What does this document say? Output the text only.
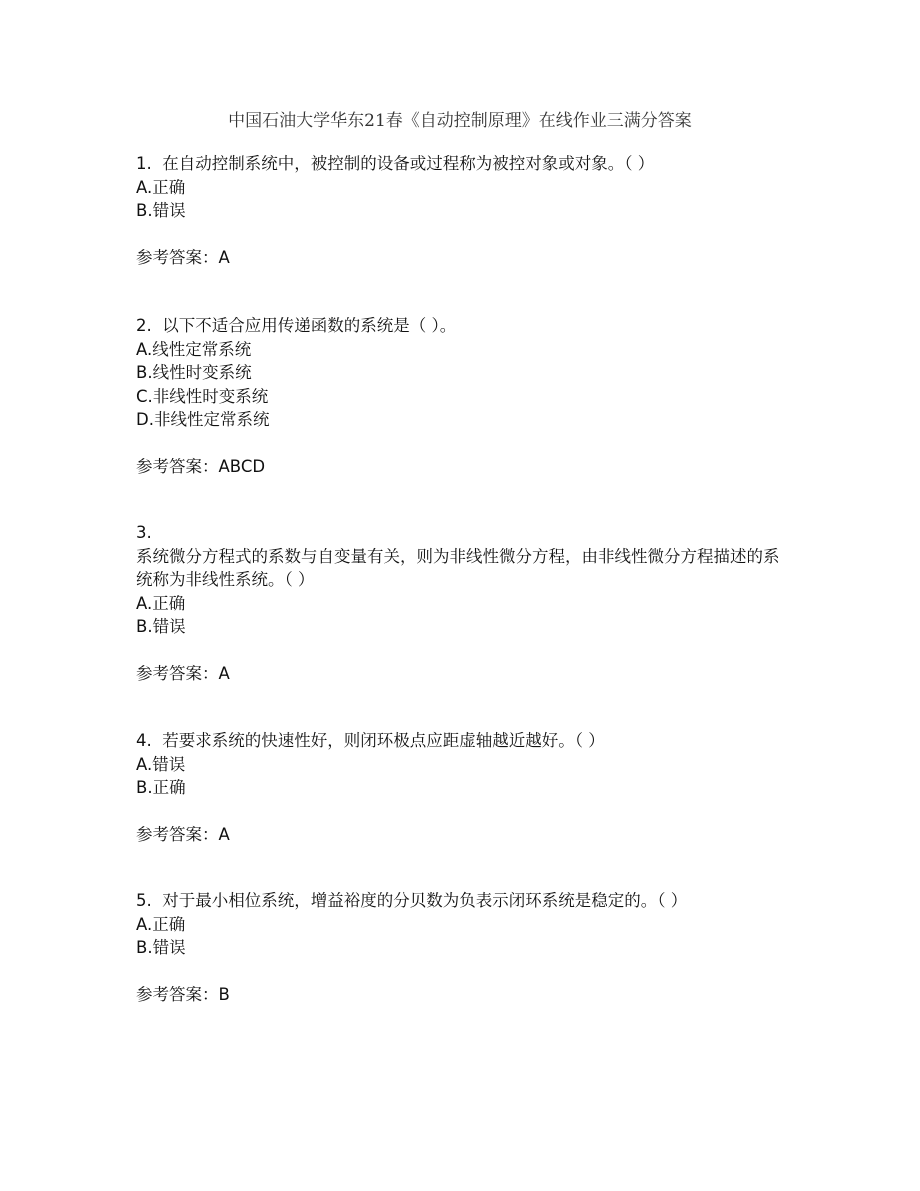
中国石油大学华东21春《自动控制原理》在线作业三满分答案
1. 在自动控制系统中，被控制的设备或过程称为被控对象或对象。（ ）
A.正确
B.错误
参考答案：A
2. 以下不适合应用传递函数的系统是（ ）。
A.线性定常系统
B.线性时变系统
C.非线性时变系统
D.非线性定常系统
参考答案：ABCD
3.
系统微分方程式的系数与自变量有关，则为非线性微分方程，由非线性微分方程描述的系统称为非线性系统。（ ）
A.正确
B.错误
参考答案：A
4. 若要求系统的快速性好，则闭环极点应距虚轴越近越好。（ ）
A.错误
B.正确
参考答案：A
5. 对于最小相位系统，增益裕度的分贝数为负表示闭环系统是稳定的。（ ）
A.正确
B.错误
参考答案：B
